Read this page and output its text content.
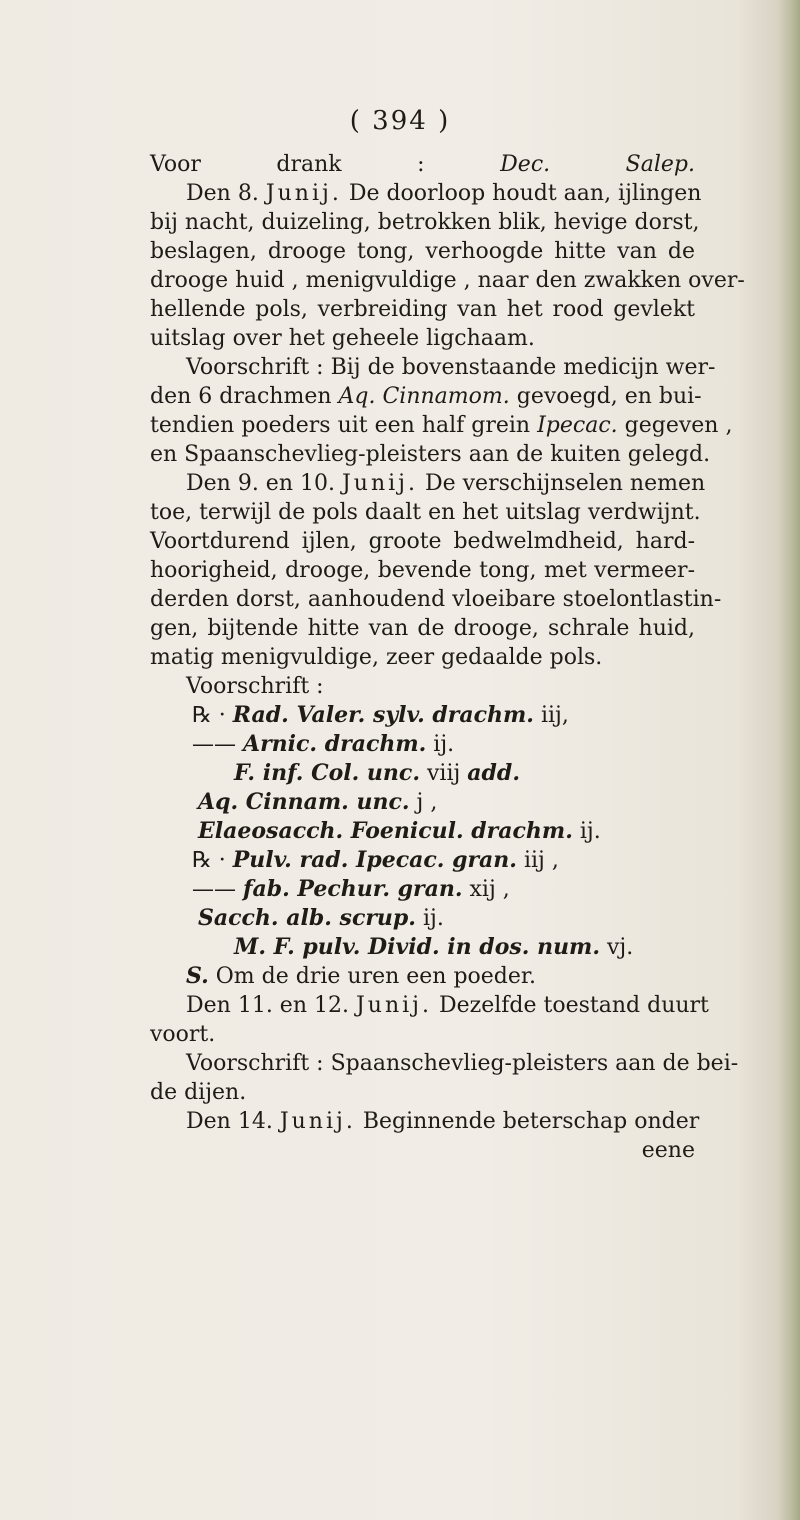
( 394 )
Voor drank : Dec. Salep.
Den 8. Junij. De doorloop houdt aan, ijlingen
bij nacht, duizeling, betrokken blik, hevige dorst,
beslagen, drooge tong, verhoogde hitte van de
drooge huid , menigvuldige , naar den zwakken over-
hellende pols, verbreiding van het rood gevlekt
uitslag over het geheele ligchaam.
Voorschrift : Bij de bovenstaande medicijn wer-
den 6 drachmen Aq. Cinnamom. gevoegd, en bui-
tendien poeders uit een half grein Ipecac. gegeven ,
en Spaanschevlieg-pleisters aan de kuiten gelegd.
Den 9. en 10. Junij. De verschijnselen nemen
toe, terwijl de pols daalt en het uitslag verdwijnt.
Voortdurend ijlen, groote bedwelmdheid, hard-
hoorigheid, drooge, bevende tong, met vermeer-
derden dorst, aanhoudend vloeibare stoelontlastin-
gen, bijtende hitte van de drooge, schrale huid,
matig menigvuldige, zeer gedaalde pols.
Voorschrift :
℞ · Rad. Valer. sylv. drachm. iij,
—— Arnic. drachm. ij.
F. inf. Col. unc. viij add.
Aq. Cinnam. unc. j ,
Elaeosacch. Foenicul. drachm. ij.
℞ · Pulv. rad. Ipecac. gran. iij ,
—— fab. Pechur. gran. xij ,
Sacch. alb. scrup. ij.
M. F. pulv. Divid. in dos. num. vj.
S. Om de drie uren een poeder.
Den 11. en 12. Junij. Dezelfde toestand duurt
voort.
Voorschrift : Spaanschevlieg-pleisters aan de bei-
de dijen.
Den 14. Junij. Beginnende beterschap onder
eene
